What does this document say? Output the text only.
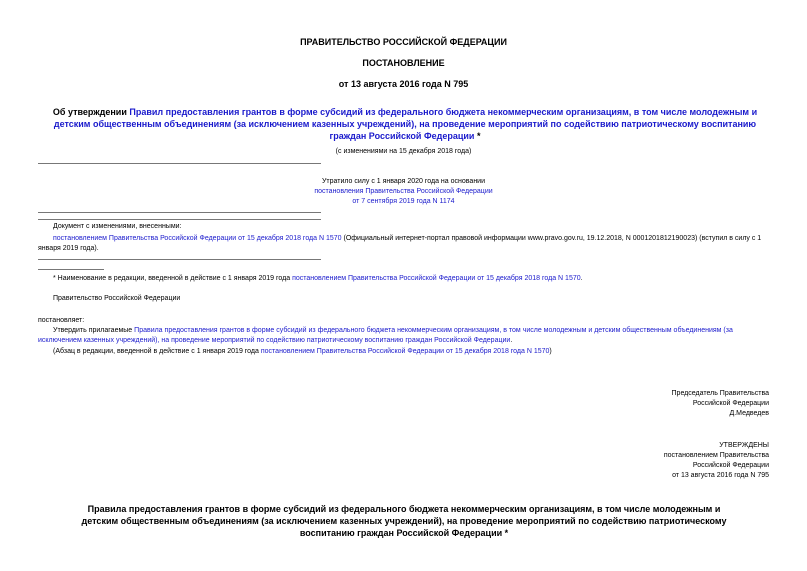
ПРАВИТЕЛЬСТВО РОССИЙСКОЙ ФЕДЕРАЦИИ
ПОСТАНОВЛЕНИЕ
от 13 августа 2016 года N 795
Об утверждении Правил предоставления грантов в форме субсидий из федерального бюджета некоммерческим организациям, в том числе молодежным и детским общественным объединениям (за исключением казенных учреждений), на проведение мероприятий по содействию патриотическому воспитанию граждан Российской Федерации *
(с изменениями на 15 декабря 2018 года)
Утратило силу с 1 января 2020 года на основании
постановления Правительства Российской Федерации
от 7 сентября 2019 года N 1174
Документ с изменениями, внесенными:
постановлением Правительства Российской Федерации от 15 декабря 2018 года N 1570 (Официальный интернет-портал правовой информации www.pravo.gov.ru, 19.12.2018, N 0001201812190023) (вступил в силу с 1 января 2019 года).
* Наименование в редакции, введенной в действие с 1 января 2019 года постановлением Правительства Российской Федерации от 15 декабря 2018 года N 1570.
Правительство Российской Федерации
постановляет:
Утвердить прилагаемые Правила предоставления грантов в форме субсидий из федерального бюджета некоммерческим организациям, в том числе молодежным и детским общественным объединениям (за исключением казенных учреждений), на проведение мероприятий по содействию патриотическому воспитанию граждан Российской Федерации.
(Абзац в редакции, введенной в действие с 1 января 2019 года постановлением Правительства Российской Федерации от 15 декабря 2018 года N 1570)
Председатель Правительства
Российской Федерации
Д.Медведев
УТВЕРЖДЕНЫ
постановлением Правительства
Российской Федерации
от 13 августа 2016 года N 795
Правила предоставления грантов в форме субсидий из федерального бюджета некоммерческим организациям, в том числе молодежным и детским общественным объединениям (за исключением казенных учреждений), на проведение мероприятий по содействию патриотическому воспитанию граждан Российской Федерации *
